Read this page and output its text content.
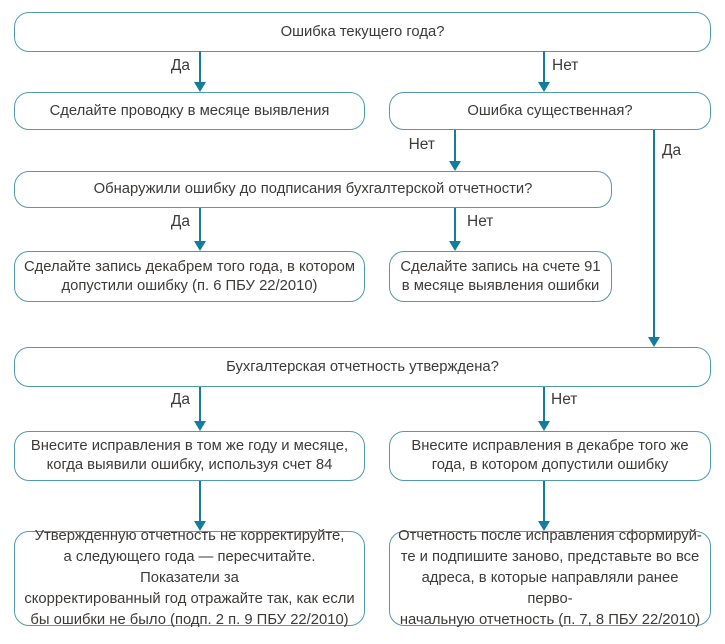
Ошибка текущего года?
Сделайте проводку в месяце выявления	Ошибка существенная?
Обнаружили ошибку до подписания бухгалтерской отчетности?
Сделайте запись декабрем того года, в котором
допустили ошибку (п. 6 ПБУ 22/2010)
Сделайте запись на счете 91
в месяце выявления ошибки
Бухгалтерская отчетность утверждена?
Внесите исправления в том же году и месяце,
когда выявили ошибку, используя счет 84
Внесите исправления в декабре того же
года, в котором допустили ошибку
Утвержденную отчетность не корректируйте,
а следующего года — пересчитайте. Показатели за
скорректированный год отражайте так, как если
бы ошибки не было (подп. 2 п. 9 ПБУ 22/2010)
Отчетность после исправления сформируй-
те и подпишите заново, представьте во все
адреса, в которые направляли ранее перво-
начальную отчетность (п. 7, 8 ПБУ 22/2010)
Да	Нет
Нет	Да
Да	Нет
Да	Нет
